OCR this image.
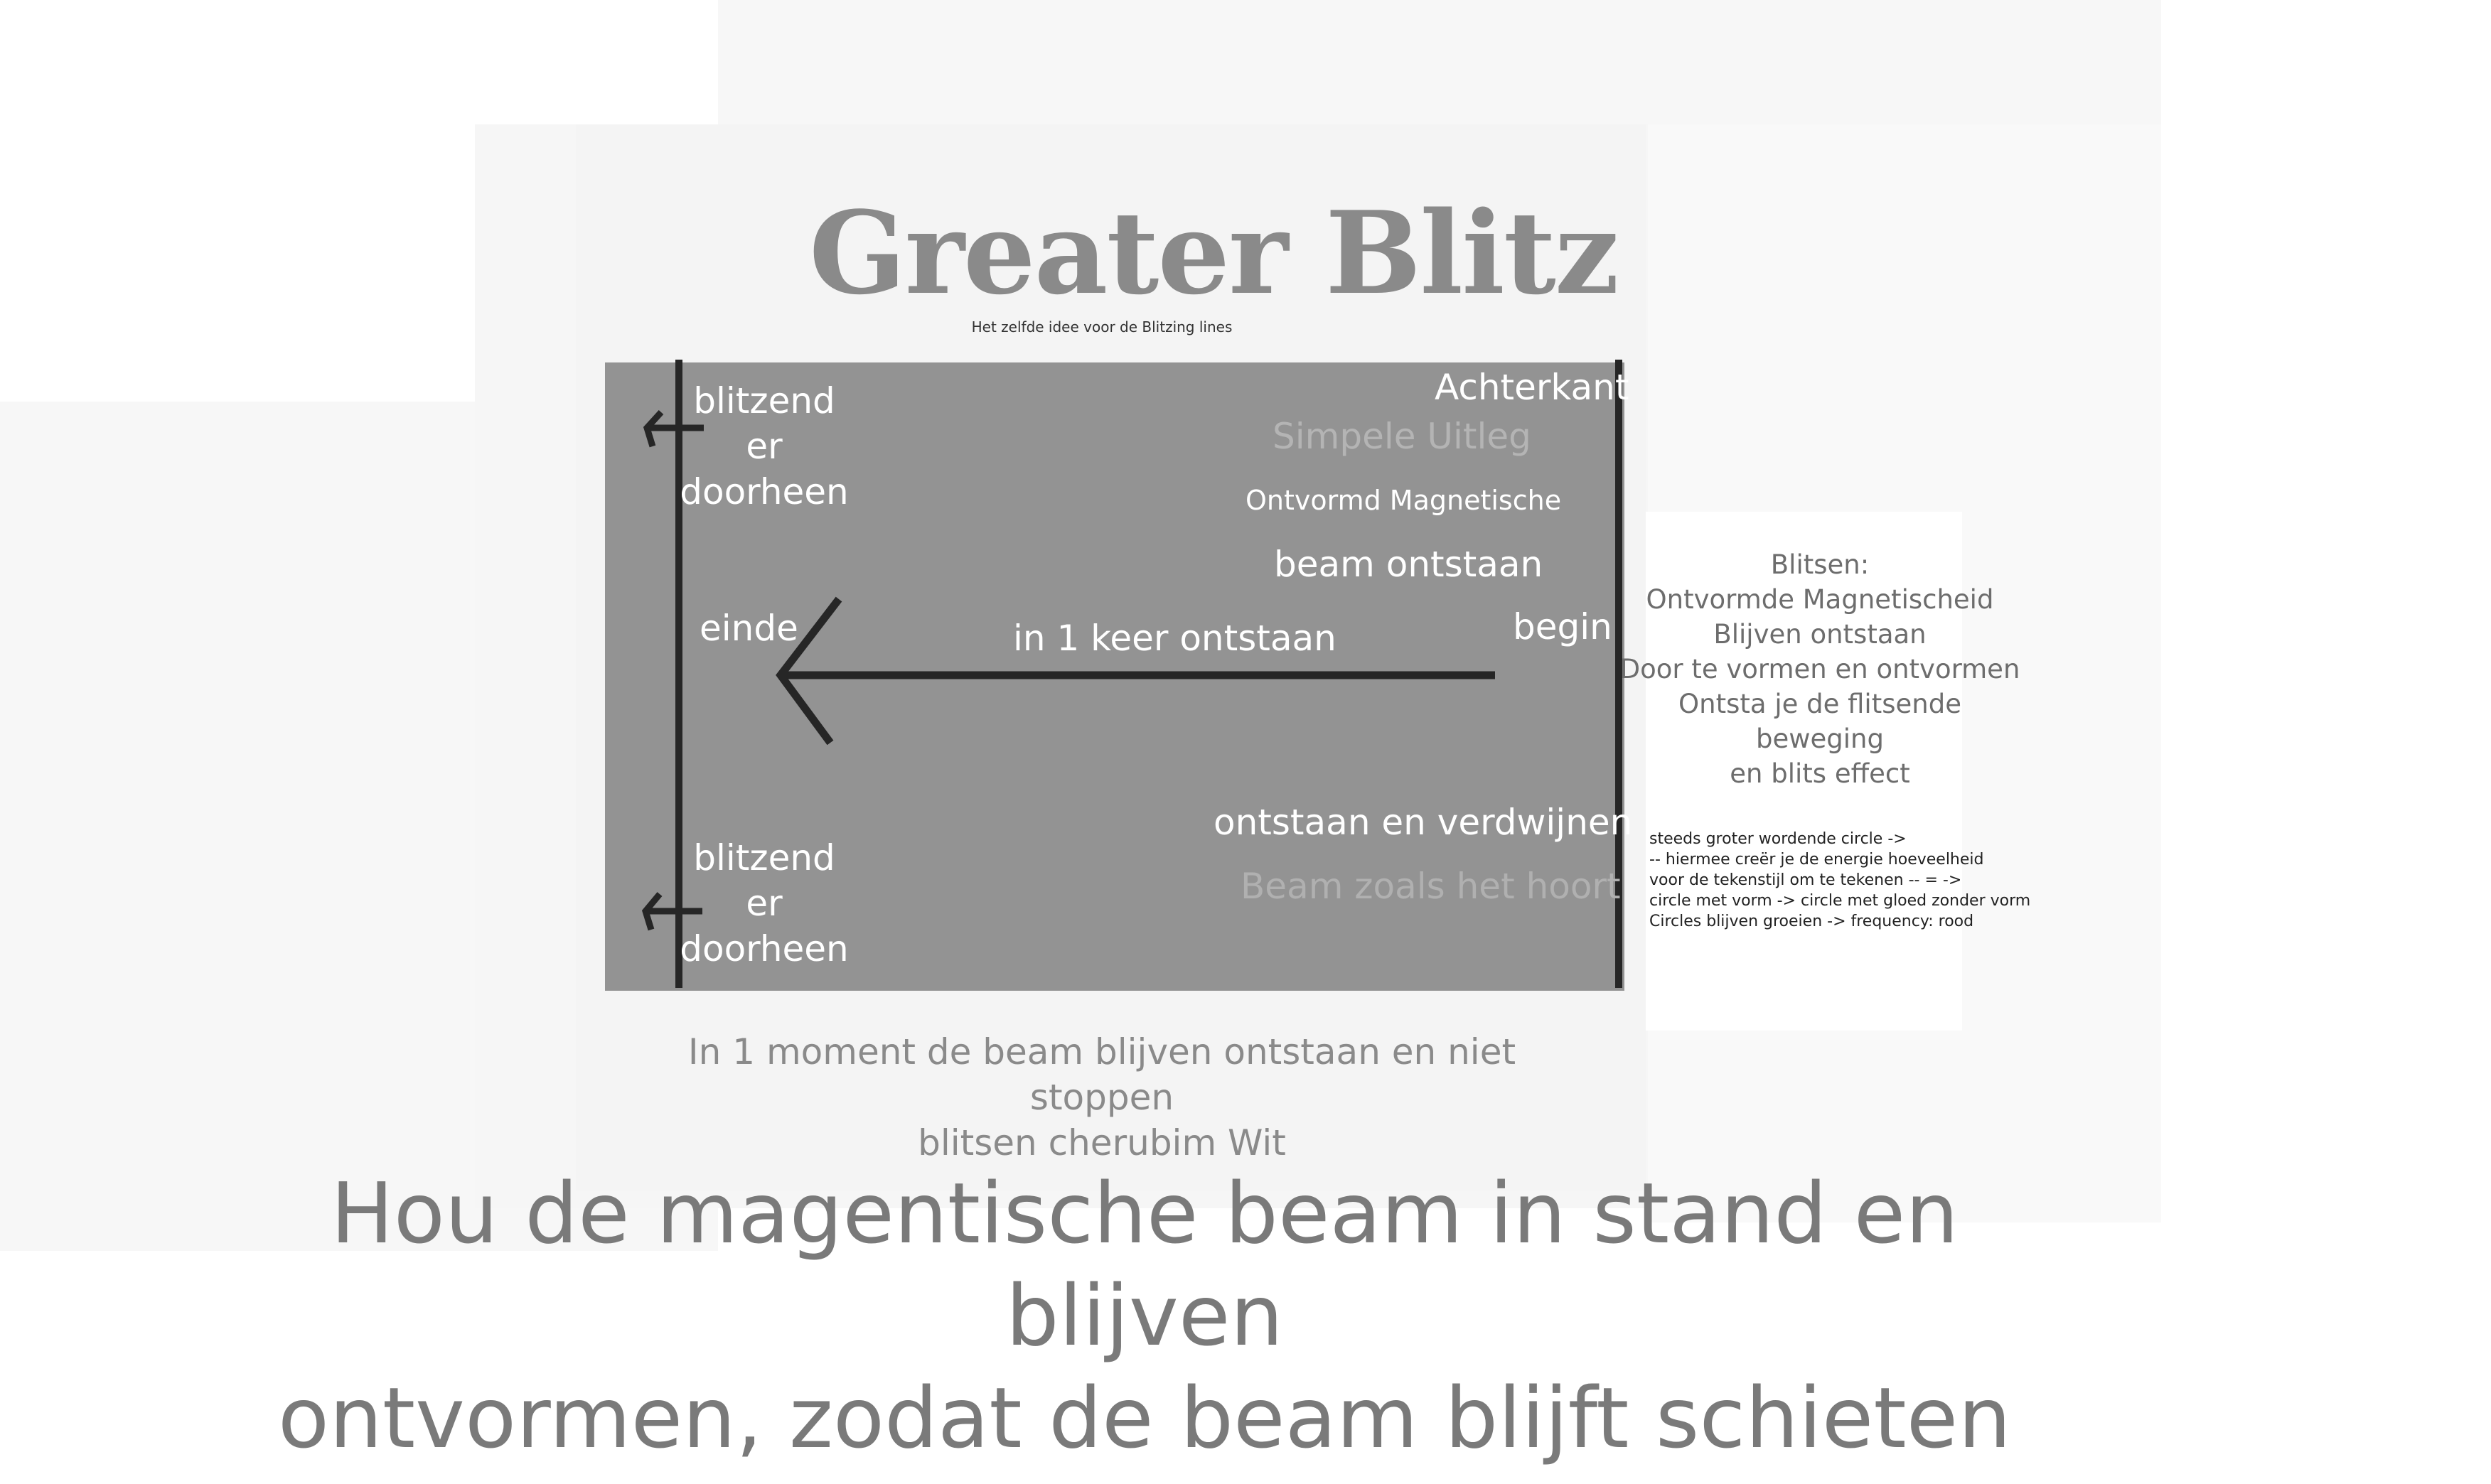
Greater Blitz
Het zelfde idee voor de Blitzing lines
blitzend
er
doorheen
blitzend
er
doorheen
einde	begin
in 1 keer ontstaan
Achterkant
Simpele Uitleg
Ontvormd Magnetische
beam ontstaan
ontstaan en verdwijnen
Beam zoals het hoort
Blitsen:
Ontvormde Magnetischeid
Blijven ontstaan
Door te vormen en ontvormen
Ontsta je de flitsende beweging
en blits effect
steeds groter wordende circle ->
-- hiermee creër je de energie hoeveelheid
voor de tekenstijl om te tekenen -- = ->
circle met vorm -> circle met gloed zonder vorm
Circles blijven groeien -> frequency: rood
In 1 moment de beam blijven ontstaan en niet stoppen
blitsen cherubim Wit
Hou de magentische beam in stand en blijven
ontvormen, zodat de beam blijft schieten
